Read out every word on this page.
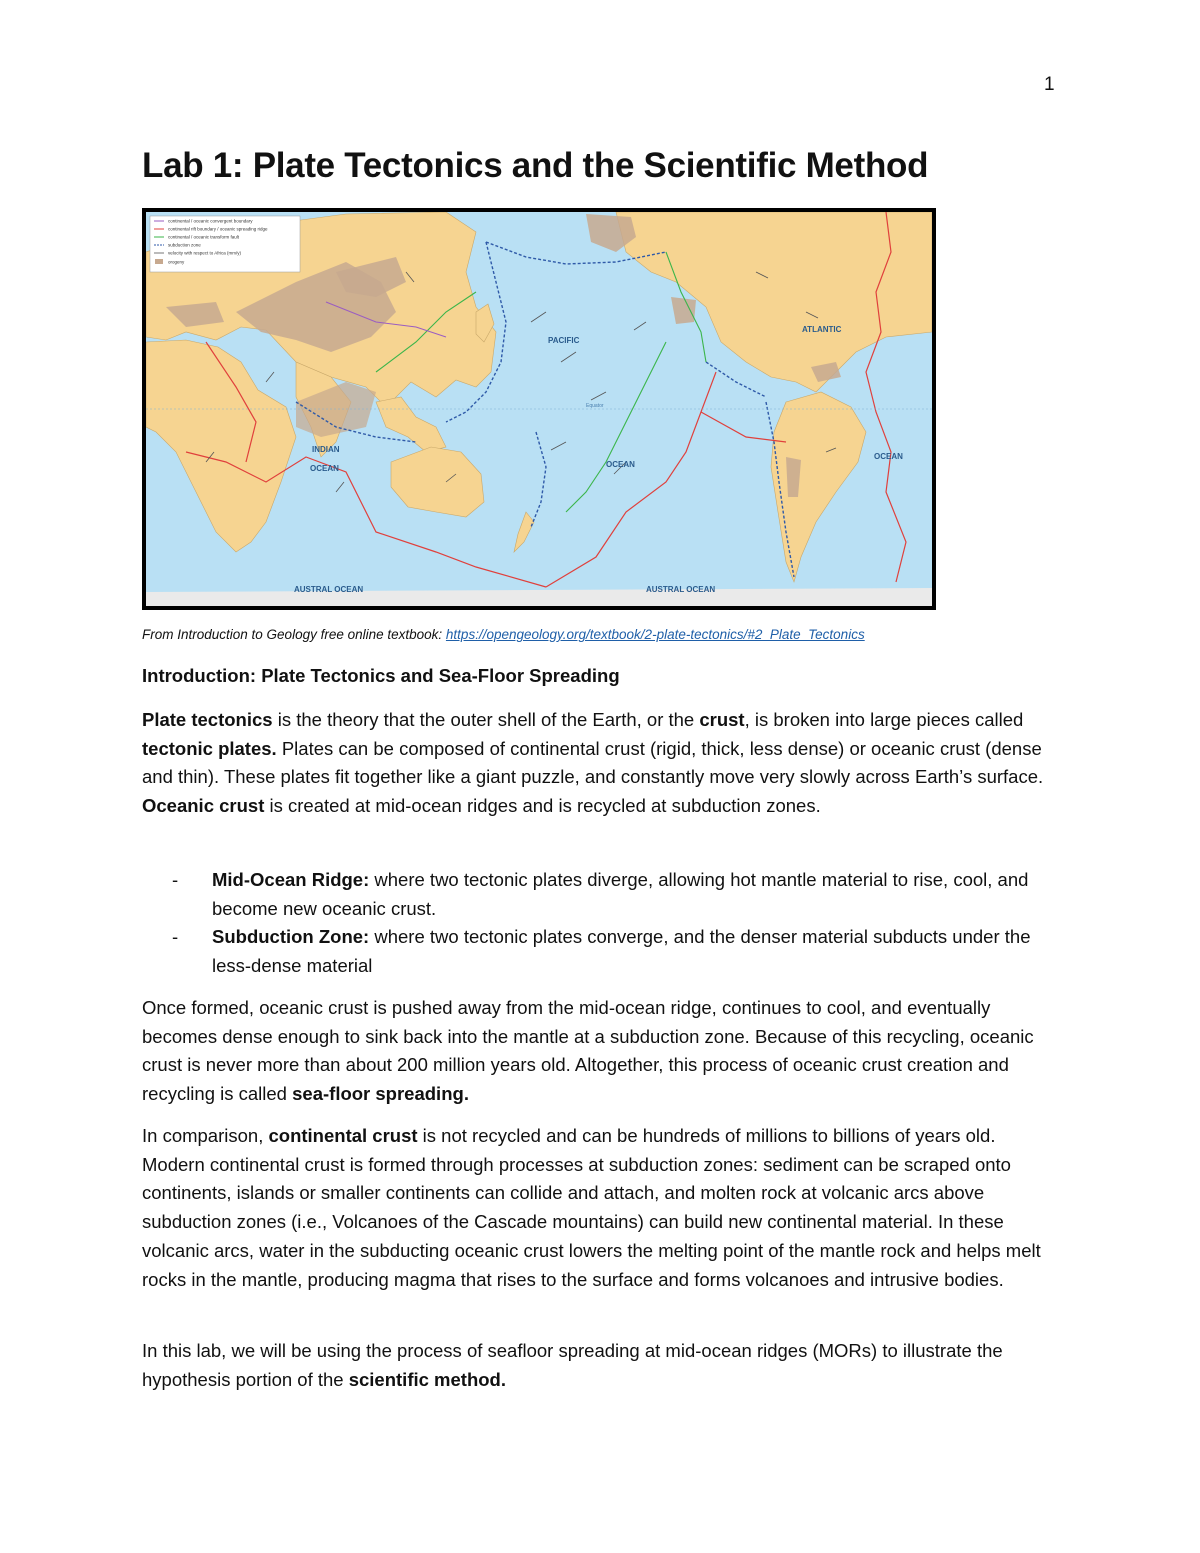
1
Lab 1: Plate Tectonics and the Scientific Method
continental / oceanic convergent boundary
continental rift boundary / oceanic spreading ridge
continental / oceanic transform fault
subduction zone
velocity with respect to Africa (mm/y)
orogeny
PACIFIC
ATLANTIC
INDIAN
OCEAN	OCEAN
OCEAN
AUSTRAL OCEAN	AUSTRAL OCEAN
Equator
From Introduction to Geology free online textbook: https://opengeology.org/textbook/2-plate-tectonics/#2_Plate_Tectonics
Introduction: Plate Tectonics and Sea-Floor Spreading

Plate tectonics is the theory that the outer shell of the Earth, or the crust, is broken into large pieces called tectonic plates. Plates can be composed of continental crust (rigid, thick, less dense) or oceanic crust (dense and thin). These plates fit together like a giant puzzle, and constantly move very slowly across Earth’s surface. Oceanic crust is created at mid-ocean ridges and is recycled at subduction zones.

- Mid-Ocean Ridge: where two tectonic plates diverge, allowing hot mantle material to rise, cool, and become new oceanic crust.
- Subduction Zone: where two tectonic plates converge, and the denser material subducts under the less-dense material

Once formed, oceanic crust is pushed away from the mid-ocean ridge, continues to cool, and eventually becomes dense enough to sink back into the mantle at a subduction zone. Because of this recycling, oceanic crust is never more than about 200 million years old. Altogether, this process of oceanic crust creation and recycling is called sea-floor spreading.

In comparison, continental crust is not recycled and can be hundreds of millions to billions of years old. Modern continental crust is formed through processes at subduction zones: sediment can be scraped onto continents, islands or smaller continents can collide and attach, and molten rock at volcanic arcs above subduction zones (i.e., Volcanoes of the Cascade mountains) can build new continental material. In these volcanic arcs, water in the subducting oceanic crust lowers the melting point of the mantle rock and helps melt rocks in the mantle, producing magma that rises to the surface and forms volcanoes and intrusive bodies.

In this lab, we will be using the process of seafloor spreading at mid-ocean ridges (MORs) to illustrate the hypothesis portion of the scientific method.
